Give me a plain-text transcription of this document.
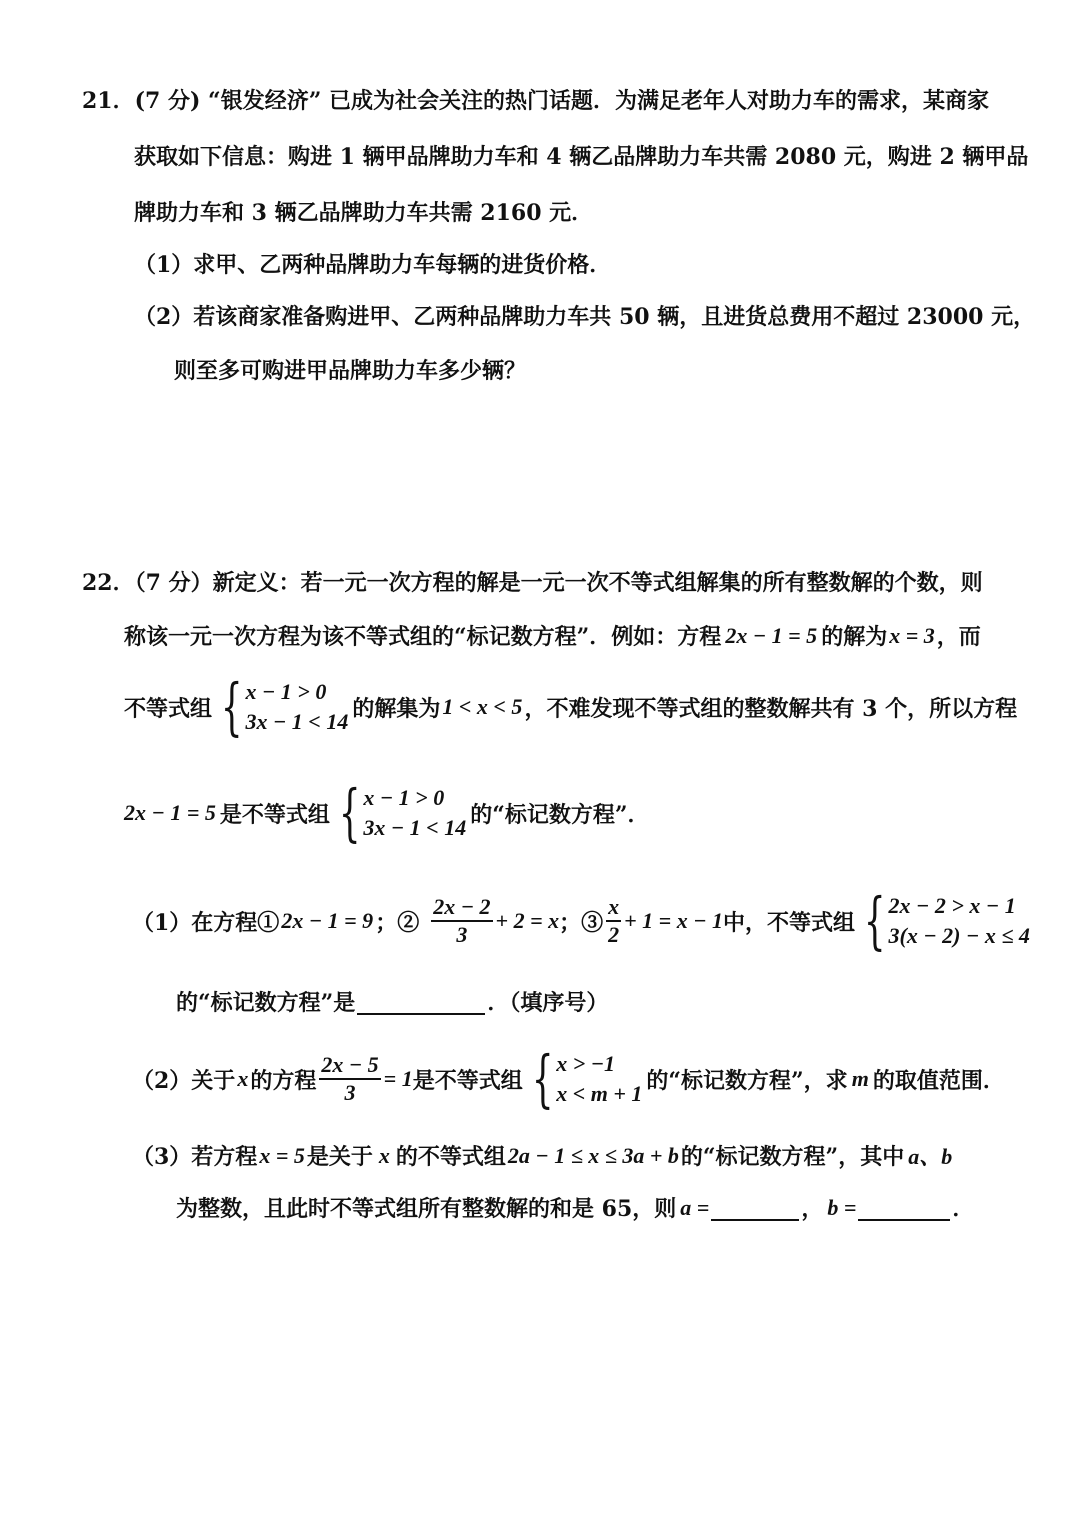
21．(7 分) “银发经济” 已成为社会关注的热门话题．为满足老年人对助力车的需求，某商家
获取如下信息：购进 1 辆甲品牌助力车和 4 辆乙品牌助力车共需 2080 元，购进 2 辆甲品
牌助力车和 3 辆乙品牌助力车共需 2160 元．
（1）求甲、乙两种品牌助力车每辆的进货价格．
（2）若该商家准备购进甲、乙两种品牌助力车共 50 辆，且进货总费用不超过 23000 元，
则至多可购进甲品牌助力车多少辆？
22．（7 分）新定义：若一元一次方程的解是一元一次不等式组解集的所有整数解的个数，则
称该一元一次方程为该不等式组的“标记数方程”．例如：方程 2x − 1 = 5 的解为 x = 3 ，而
不等式组 { x − 1 > 0
3x − 1 < 14 的解集为 1 < x < 5 ，不难发现不等式组的整数解共有 3 个，所以方程
2x − 1 = 5 是不等式组 { x − 1 > 0
3x − 1 < 14 的“标记数方程”．
（1）在方程① 2x − 1 = 9 ；② $\frac{2x - 2}{3} + 2 = x$ ；③ $\frac{x}{2} + 1 = x - 1$ 中，不等式组 { 2x − 2 > x − 1
3(x − 2) − x ≤ 4
的“标记数方程”是	．（填序号）
（2）关于 x 的方程 $\frac{2x - 5}{3} = 1$ 是不等式组 { x > −1
x < m + 1 的“标记数方程”，求 m 的取值范围．
（3）若方程 x = 5 是关于 x 的不等式组 2a − 1 ≤ x ≤ 3a + b 的“标记数方程”，其中 a、b
为整数，且此时不等式组所有整数解的和是 65，则 a =	， b =	．
